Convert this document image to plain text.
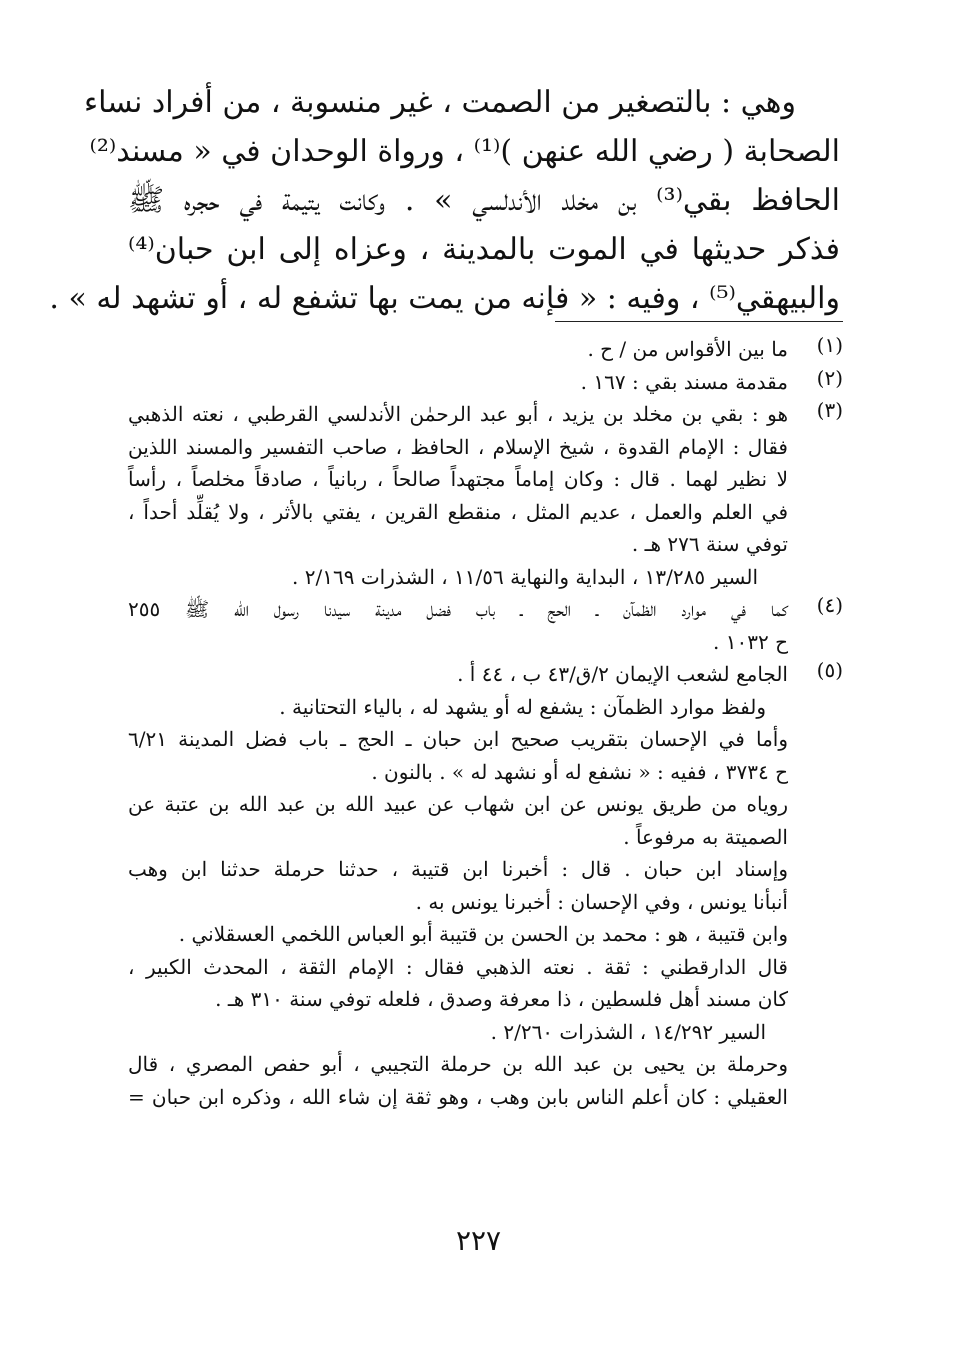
وهي : بالتصغير من الصمت ، غير منسوبة ، من أفراد نساء
الصحابة ( رضي الله عنهن )⁽¹⁾ ، ورواة الوحدان في « مسند⁽²⁾
الحافظ بقي⁽³⁾ بن مخلد الأندلسي » . وكانت يتيمة في حجره ﷺ
فذكر حديثها في الموت بالمدينة ، وعزاه إلى ابن حبان⁽⁴⁾
والبيهقي⁽⁵⁾ ، وفيه : « فإنه من يمت بها تشفع له ، أو تشهد له » .
(١)
ما بين الأقواس من / ح .
(٢)
مقدمة مسند بقي : ١٦٧ .
(٣)
هو : بقي بن مخلد بن يزيد ، أبو عبد الرحمٰن الأندلسي القرطبي ، نعته الذهبي
فقال : الإمام القدوة ، شيخ الإسلام ، الحافظ ، صاحب التفسير والمسند اللذين
لا نظير لهما . قال : وكان إماماً مجتهداً صالحاً ، ربانياً ، صادقاً مخلصاً ، رأساً
في العلم والعمل ، عديم المثل ، منقطع القرين ، يفتي بالأثر ، ولا يُقلِّد أحداً ،
توفي سنة ٢٧٦ هـ .
السير ١٣/٢٨٥ ، البداية والنهاية ١١/٥٦ ، الشذرات ٢/١٦٩ .
(٤)
كما في موارد الظمآن ـ الحج ـ باب فضل مدينة سيدنا رسول الله ﷺ ٢٥٥
ح ١٠٣٢ .
(٥)
الجامع لشعب الإيمان ٢/ق/٤٣ ب ، ٤٤ أ .
ولفظ موارد الظمآن : يشفع له أو يشهد له ، بالياء التحتانية .
وأما في الإحسان بتقريب صحيح ابن حبان ـ الحج ـ باب فضل المدينة ٦/٢١
ح ٣٧٣٤ ، ففيه : « نشفع له أو نشهد له » . بالنون .
روياه من طريق يونس عن ابن شهاب عن عبيد الله بن عبد الله بن عتبة عن
الصميتة به مرفوعاً .
وإسناد ابن حبان . قال : أخبرنا ابن قتيبة ، حدثنا حرملة حدثنا ابن وهب
أنبأنا يونس ، وفي الإحسان : أخبرنا يونس به .
وابن قتيبة ، هو : محمد بن الحسن بن قتيبة أبو العباس اللخمي العسقلاني .
قال الدارقطني : ثقة . نعته الذهبي فقال : الإمام الثقة ، المحدث الكبير ،
كان مسند أهل فلسطين ، ذا معرفة وصدق ، فلعله توفي سنة ٣١٠ هـ .
السير ١٤/٢٩٢ ، الشذرات ٢/٢٦٠ .
وحرملة بن يحيى بن عبد الله بن حرملة التجيبي ، أبو حفص المصري ، قال
العقيلي : كان أعلم الناس بابن وهب ، وهو ثقة إن شاء الله ، وذكره ابن حبان =
٢٢٧
